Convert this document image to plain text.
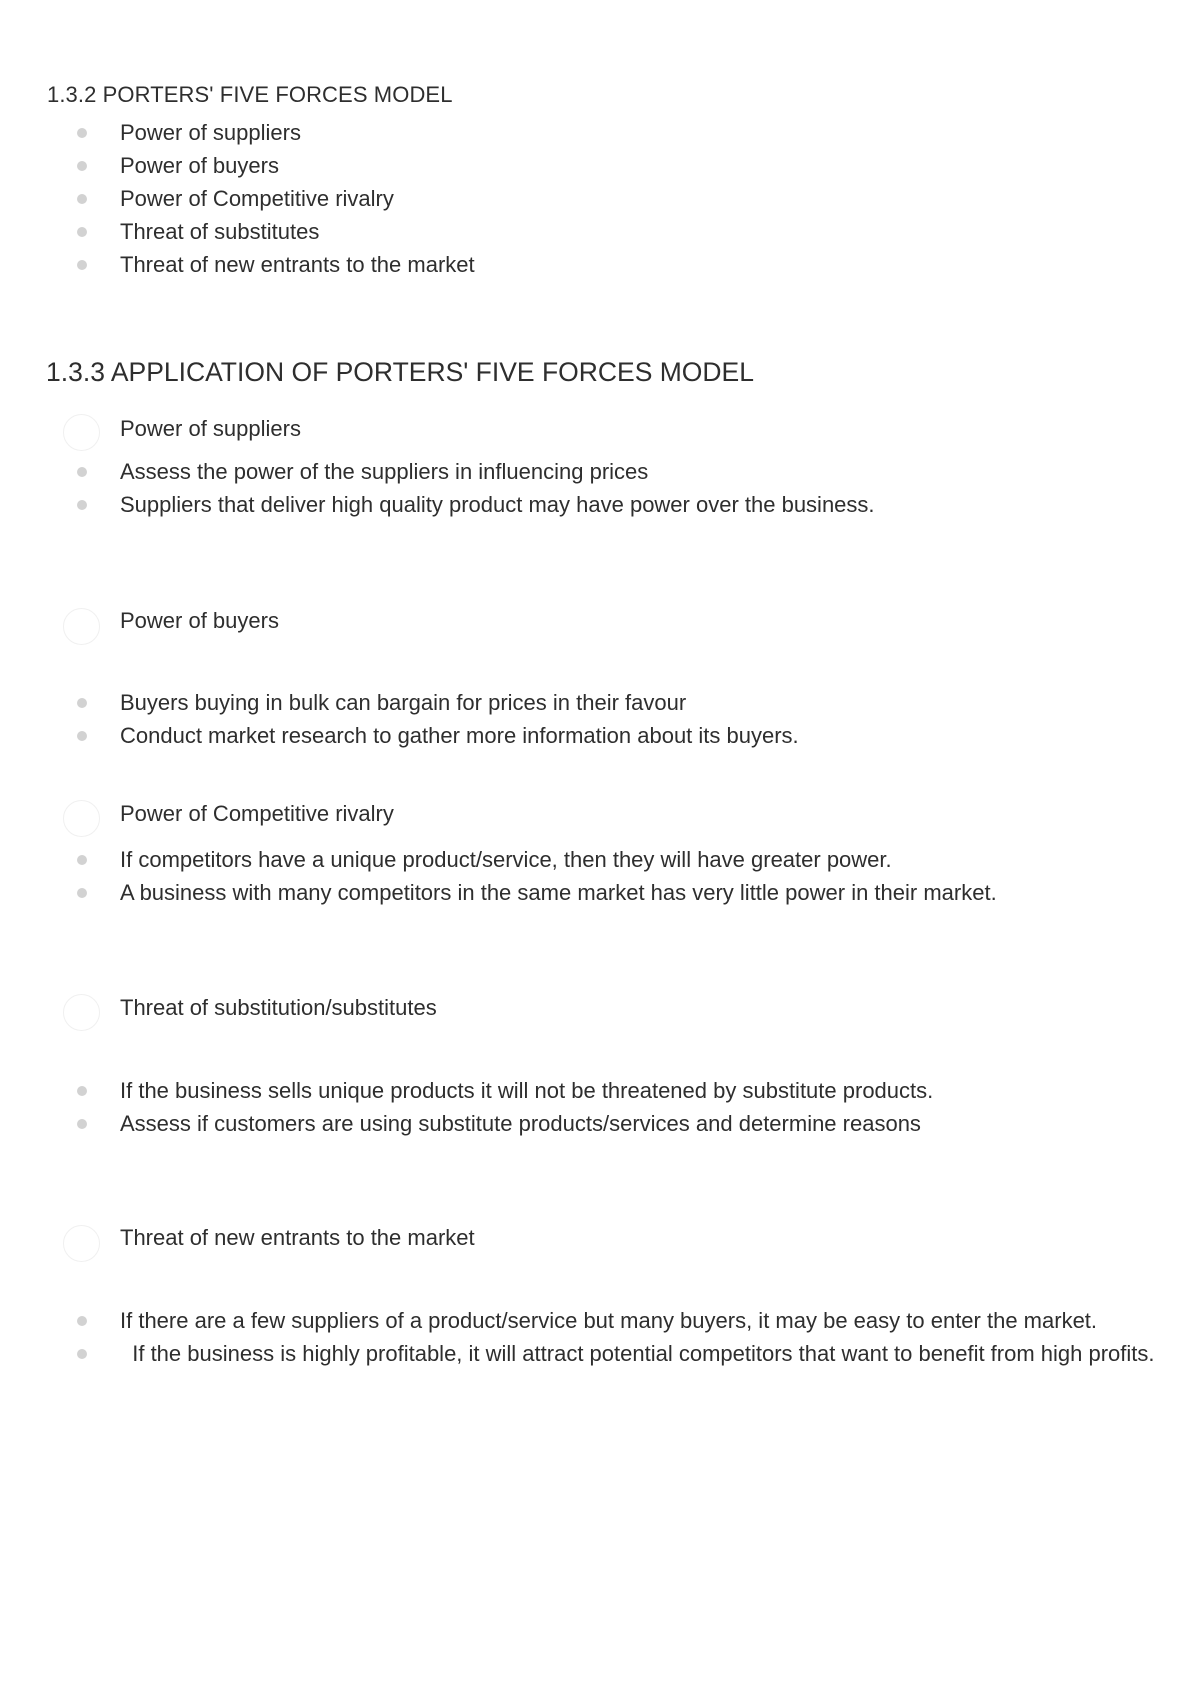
1.3.2 PORTERS' FIVE FORCES MODEL
Power of suppliers
Power of buyers
Power of Competitive rivalry
Threat of substitutes
Threat of new entrants to the market
1.3.3 APPLICATION OF PORTERS' FIVE FORCES MODEL
Power of suppliers
Assess the power of the suppliers in influencing prices
Suppliers that deliver high quality product may have power over the business.
Power of buyers
Buyers buying in bulk can bargain for prices in their favour
Conduct market research to gather more information about its buyers.
Power of Competitive rivalry
If competitors have a unique product/service, then they will have greater power.
A business with many competitors in the same market has very little power in their market.
Threat of substitution/substitutes
If the business sells unique products it will not be threatened by substitute products.
Assess if customers are using substitute products/services and determine reasons
Threat of new entrants to the market
If there are a few suppliers of a product/service but many buyers, it may be easy to enter the market.
If the business is highly profitable, it will attract potential competitors that want to benefit from high profits.
